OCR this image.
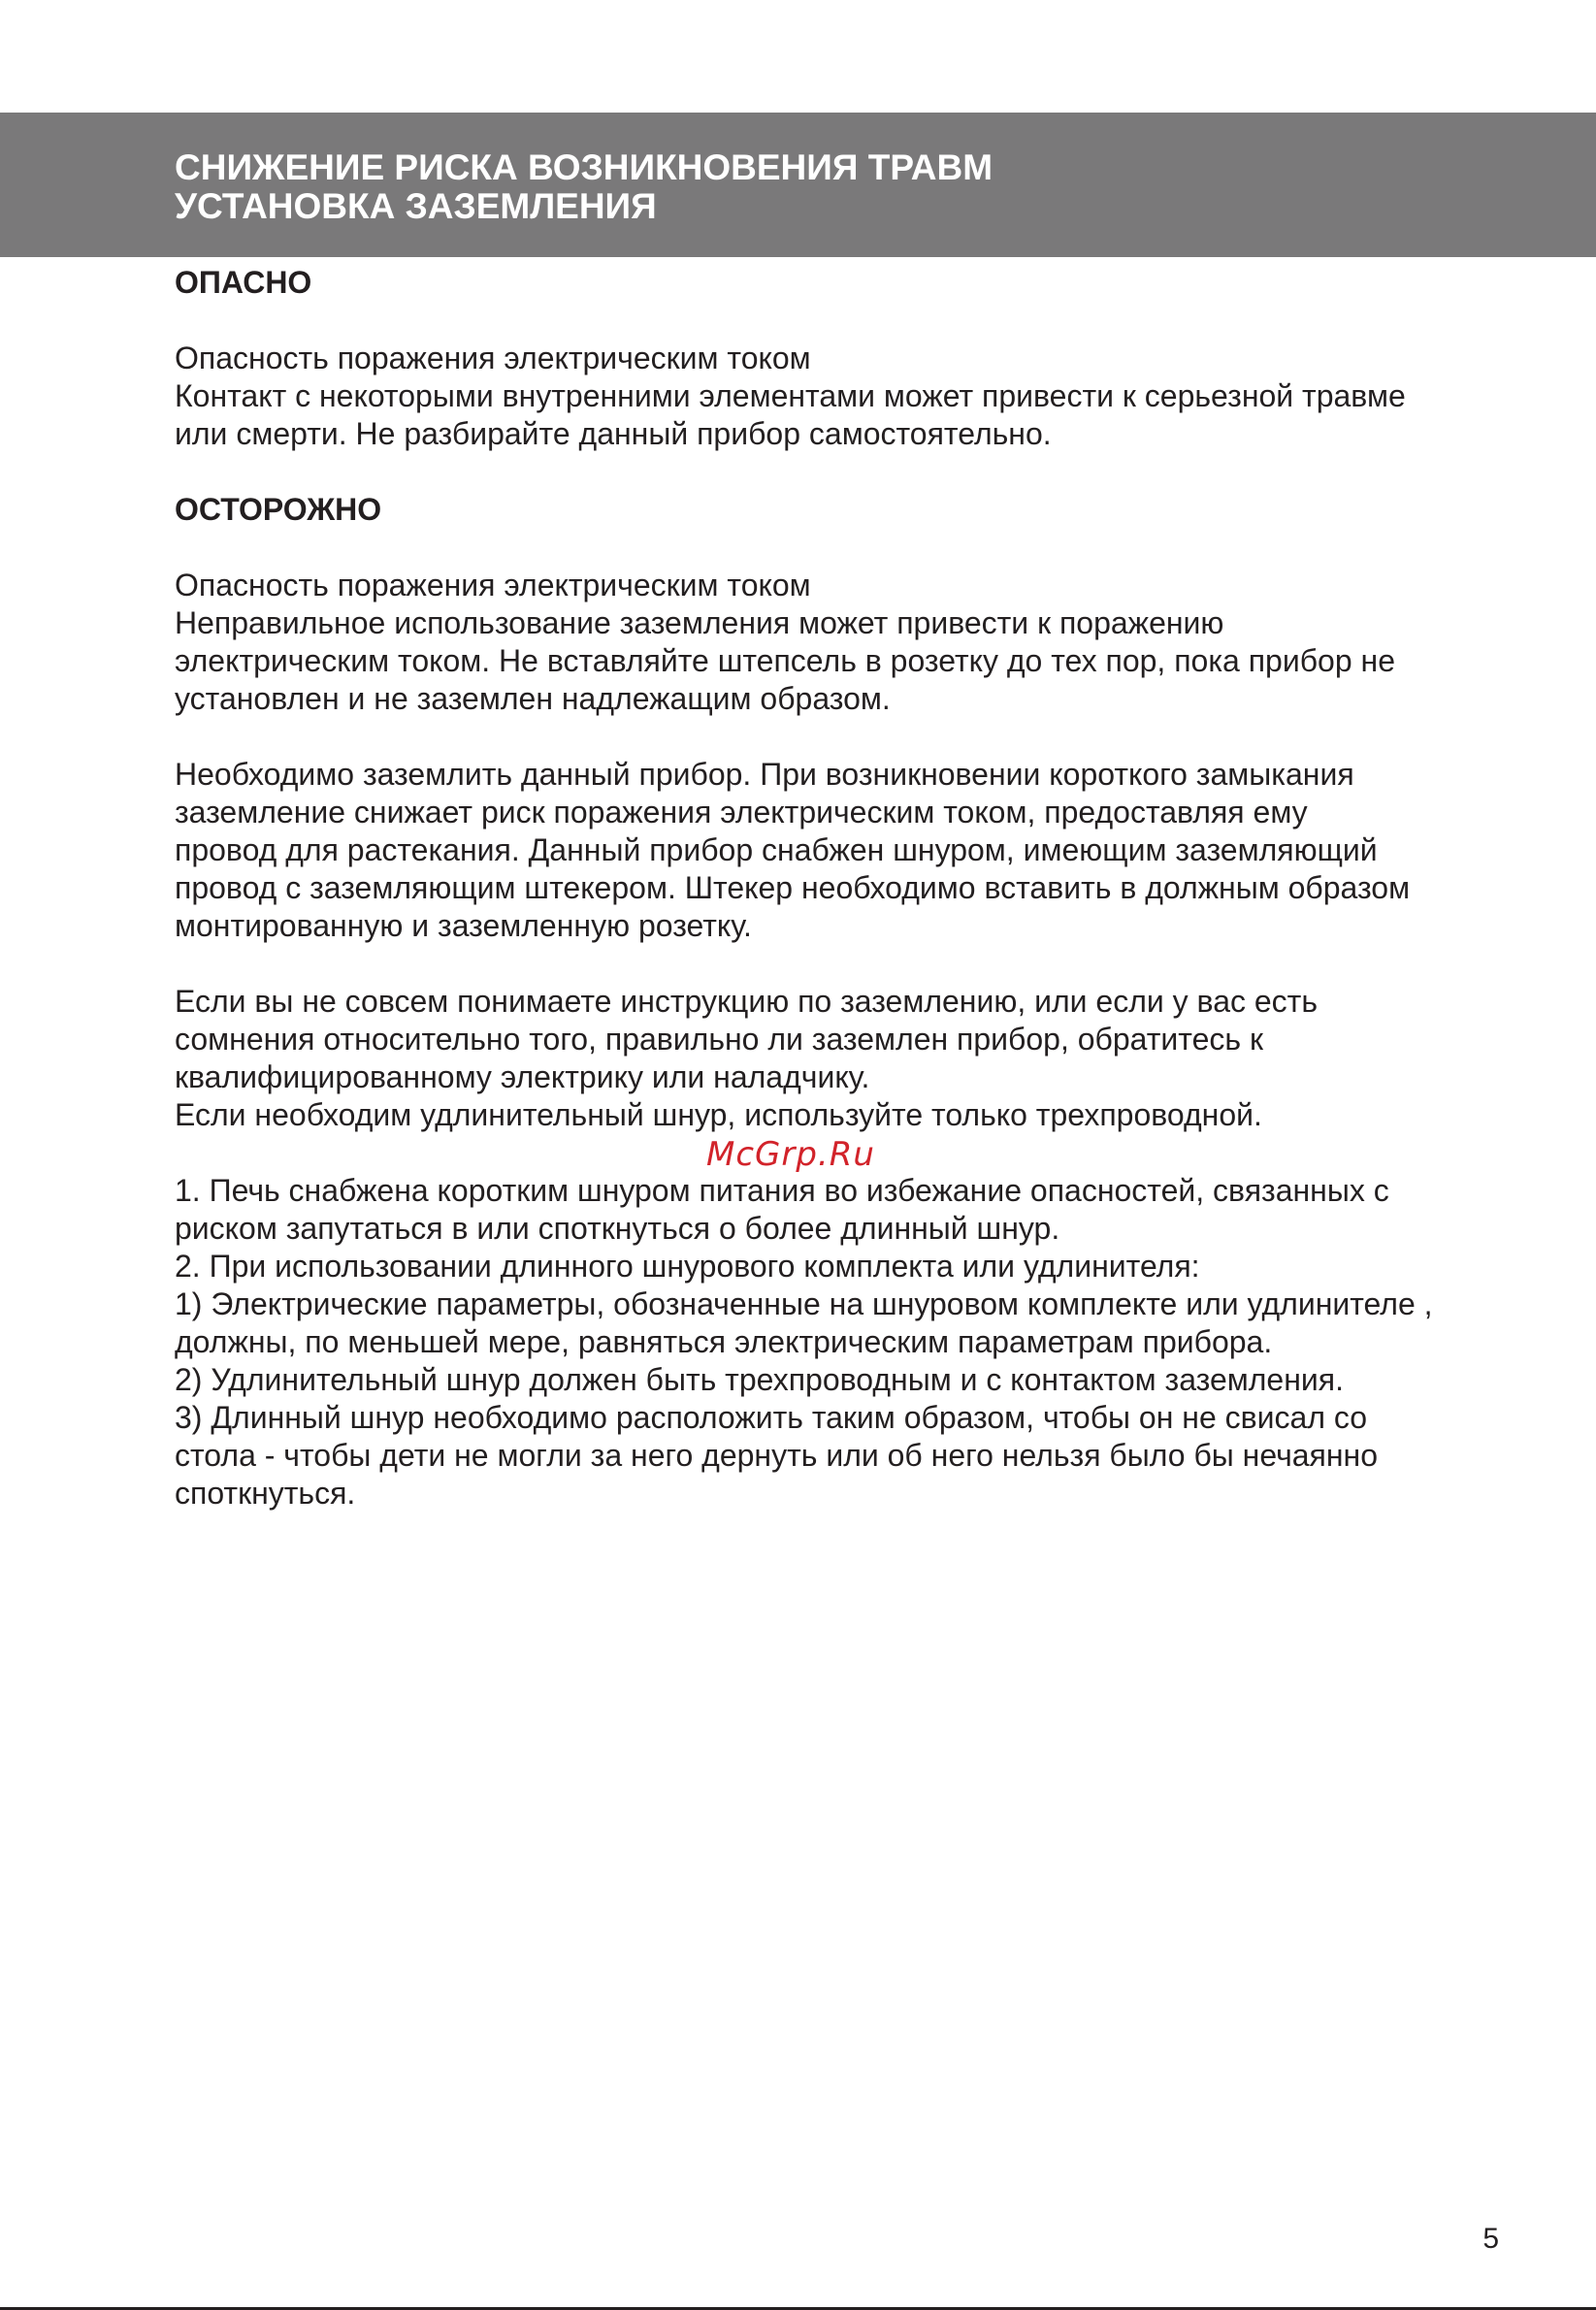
СНИЖЕНИЕ РИСКА ВОЗНИКНОВЕНИЯ ТРАВМ
УСТАНОВКА ЗАЗЕМЛЕНИЯ

ОПАСНО

Опасность поражения электрическим током

Контакт с некоторыми внутренними элементами может привести к серьезной травме

или смерти. Не разбирайте данный прибор самостоятельно.

ОСТОРОЖНО

Опасность поражения электрическим током

Неправильное использование заземления может привести к поражению

электрическим током. Не вставляйте штепсель в розетку до тех пор, пока прибор не

установлен и не заземлен надлежащим образом.

Необходимо заземлить данный прибор. При возникновении короткого замыкания

заземление снижает риск поражения электрическим током, предоставляя ему

провод для растекания. Данный прибор снабжен шнуром, имеющим заземляющий

провод с заземляющим штекером. Штекер необходимо вставить в должным образом

монтированную и заземленную розетку.

Если вы не совсем понимаете инструкцию по заземлению, или если у вас есть

сомнения относительно того, правильно ли заземлен прибор, обратитесь к

квалифицированному электрику или наладчику.

Если необходим удлинительный шнур, используйте только трехпроводной.

1. Печь снабжена коротким шнуром питания во избежание опасностей, связанных с

риском запутаться в или споткнуться о более длинный шнур.

2. При использовании длинного шнурового комплекта или удлинителя:

1) Электрические параметры, обозначенные на шнуровом комплекте или удлинителе ,

должны, по меньшей мере, равняться электрическим параметрам прибора.

2) Удлинительный шнур должен быть трехпроводным и с контактом заземления.

3) Длинный шнур необходимо расположить таким образом, чтобы он не свисал со

стола - чтобы дети не могли за него дернуть или об него нельзя было бы нечаянно

споткнуться.

McGrp.Ru
5
